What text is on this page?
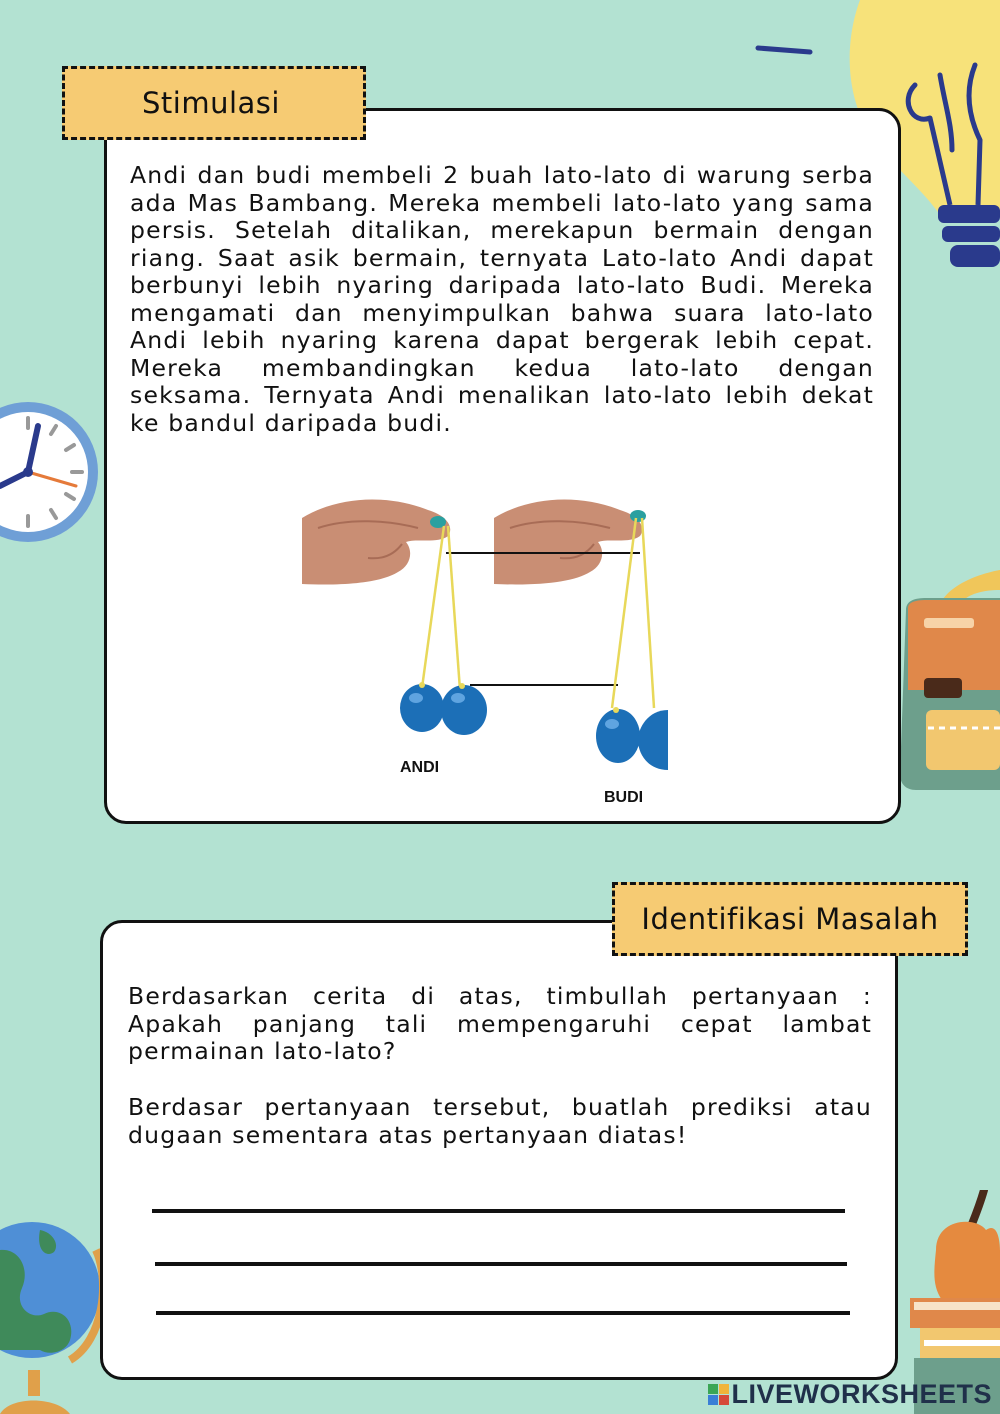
Stimulasi

Andi dan budi membeli 2 buah lato-lato di warung serba ada Mas Bambang. Mereka membeli lato-lato yang sama persis. Setelah ditalikan, merekapun bermain dengan riang. Saat asik bermain, ternyata Lato-lato Andi dapat berbunyi lebih nyaring daripada lato-lato Budi. Mereka mengamati dan menyimpulkan bahwa suara lato-lato Andi lebih nyaring karena dapat bergerak lebih cepat. Mereka membandingkan kedua lato-lato dengan seksama. Ternyata Andi menalikan lato-lato lebih dekat ke bandul daripada budi.

ANDI
BUDI
Identifikasi Masalah

Berdasarkan cerita di atas, timbullah pertanyaan : Apakah panjang tali mempengaruhi cepat lambat permainan lato-lato?

Berdasar pertanyaan tersebut, buatlah prediksi atau dugaan sementara atas pertanyaan diatas!

LIVEWORKSHEETS
